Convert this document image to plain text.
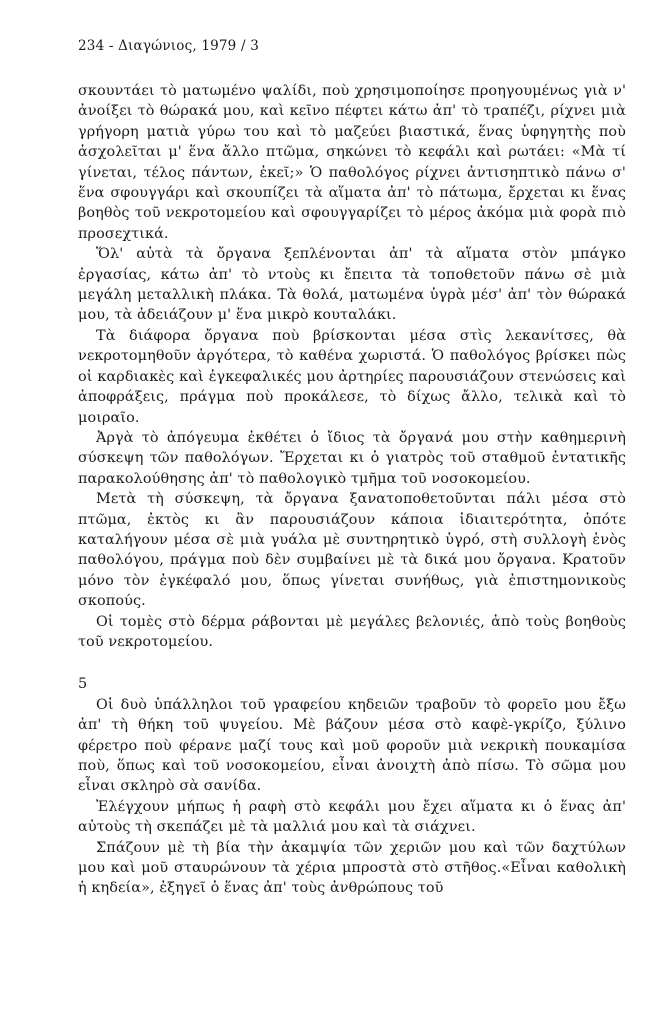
234 - Διαγώνιος, 1979 / 3

σκουντάει τὸ ματωμένο ψαλίδι, ποὺ χρησιμοποίησε προηγουμένως γιὰ ν' ἀνοίξει τὸ θώρακά μου, καὶ κεῖνο πέφτει κάτω ἀπ' τὸ τραπέζι, ρίχνει μιὰ γρήγορη ματιὰ γύρω του καὶ τὸ μαζεύει βιαστικά, ἕνας ὑφηγητὴς ποὺ ἀσχολεῖται μ' ἕνα ἄλλο πτῶμα, σηκώνει τὸ κεφάλι καὶ ρωτάει: «Μὰ τί γίνεται, τέλος πάντων, ἐκεῖ;» Ὁ παθολόγος ρίχνει ἀντισηπτικὸ πάνω σ' ἕνα σφουγγάρι καὶ σκουπίζει τὰ αἵματα ἀπ' τὸ πάτωμα, ἔρχεται κι ἕνας βοηθὸς τοῦ νεκροτομείου καὶ σφουγγαρίζει τὸ μέρος ἀκόμα μιὰ φορὰ πιὸ προσεχτικά.

Ὅλ' αὐτὰ τὰ ὄργανα ξεπλένονται ἀπ' τὰ αἵματα στὸν μπάγκο ἐργασίας, κάτω ἀπ' τὸ ντοὺς κι ἔπειτα τὰ τοποθετοῦν πάνω σὲ μιὰ μεγάλη μεταλλικὴ πλάκα. Τὰ θολά, ματωμένα ὑγρὰ μέσ' ἀπ' τὸν θώρακά μου, τὰ ἀδειάζουν μ' ἕνα μικρὸ κουταλάκι.

Τὰ διάφορα ὄργανα ποὺ βρίσκονται μέσα στὶς λεκανίτσες, θὰ νεκροτομηθοῦν ἀργότερα, τὸ καθένα χωριστά. Ὁ παθολόγος βρίσκει πὼς οἱ καρδιακὲς καὶ ἐγκεφαλικές μου ἀρτηρίες παρουσιάζουν στενώσεις καὶ ἀποφράξεις, πράγμα ποὺ προκάλεσε, τὸ δίχως ἄλλο, τελικὰ καὶ τὸ μοιραῖο.

Ἀργὰ τὸ ἀπόγευμα ἐκθέτει ὁ ἴδιος τὰ ὄργανά μου στὴν καθημερινὴ σύσκεψη τῶν παθολόγων. Ἔρχεται κι ὁ γιατρὸς τοῦ σταθμοῦ ἐντατικῆς παρακολούθησης ἀπ' τὸ παθολογικὸ τμῆμα τοῦ νοσοκομείου.

Μετὰ τὴ σύσκεψη, τὰ ὄργανα ξανατοποθετοῦνται πάλι μέσα στὸ πτῶμα, ἐκτὸς κι ἂν παρουσιάζουν κάποια ἰδιαιτερότητα, ὁπότε καταλήγουν μέσα σὲ μιὰ γυάλα μὲ συντηρητικὸ ὑγρό, στὴ συλλογὴ ἑνὸς παθολόγου, πράγμα ποὺ δὲν συμβαίνει μὲ τὰ δικά μου ὄργανα. Κρατοῦν μόνο τὸν ἐγκέφαλό μου, ὅπως γίνεται συνήθως, γιὰ ἐπιστημονικοὺς σκοπούς.

Οἱ τομὲς στὸ δέρμα ράβονται μὲ μεγάλες βελονιές, ἀπὸ τοὺς βοηθοὺς τοῦ νεκροτομείου.

5

Οἱ δυὸ ὑπάλληλοι τοῦ γραφείου κηδειῶν τραβοῦν τὸ φορεῖο μου ἔξω ἀπ' τὴ θήκη τοῦ ψυγείου. Μὲ βάζουν μέσα στὸ καφὲ-γκρίζο, ξύλινο φέρετρο ποὺ φέρανε μαζί τους καὶ μοῦ φοροῦν μιὰ νεκρικὴ πουκαμίσα ποὺ, ὅπως καὶ τοῦ νοσοκομείου, εἶναι ἀνοιχτὴ ἀπὸ πίσω. Τὸ σῶμα μου εἶναι σκληρὸ σὰ σανίδα.

Ἐλέγχουν μήπως ἡ ραφὴ στὸ κεφάλι μου ἔχει αἵματα κι ὁ ἕνας ἀπ' αὐτοὺς τὴ σκεπάζει μὲ τὰ μαλλιά μου καὶ τὰ σιάχνει.

Σπάζουν μὲ τὴ βία τὴν ἀκαμψία τῶν χεριῶν μου καὶ τῶν δαχτύλων μου καὶ μοῦ σταυρώνουν τὰ χέρια μπροστὰ στὸ στῆθος.«Εἶναι καθολικὴ ἡ κηδεία», ἐξηγεῖ ὁ ἕνας ἀπ' τοὺς ἀνθρώπους τοῦ
